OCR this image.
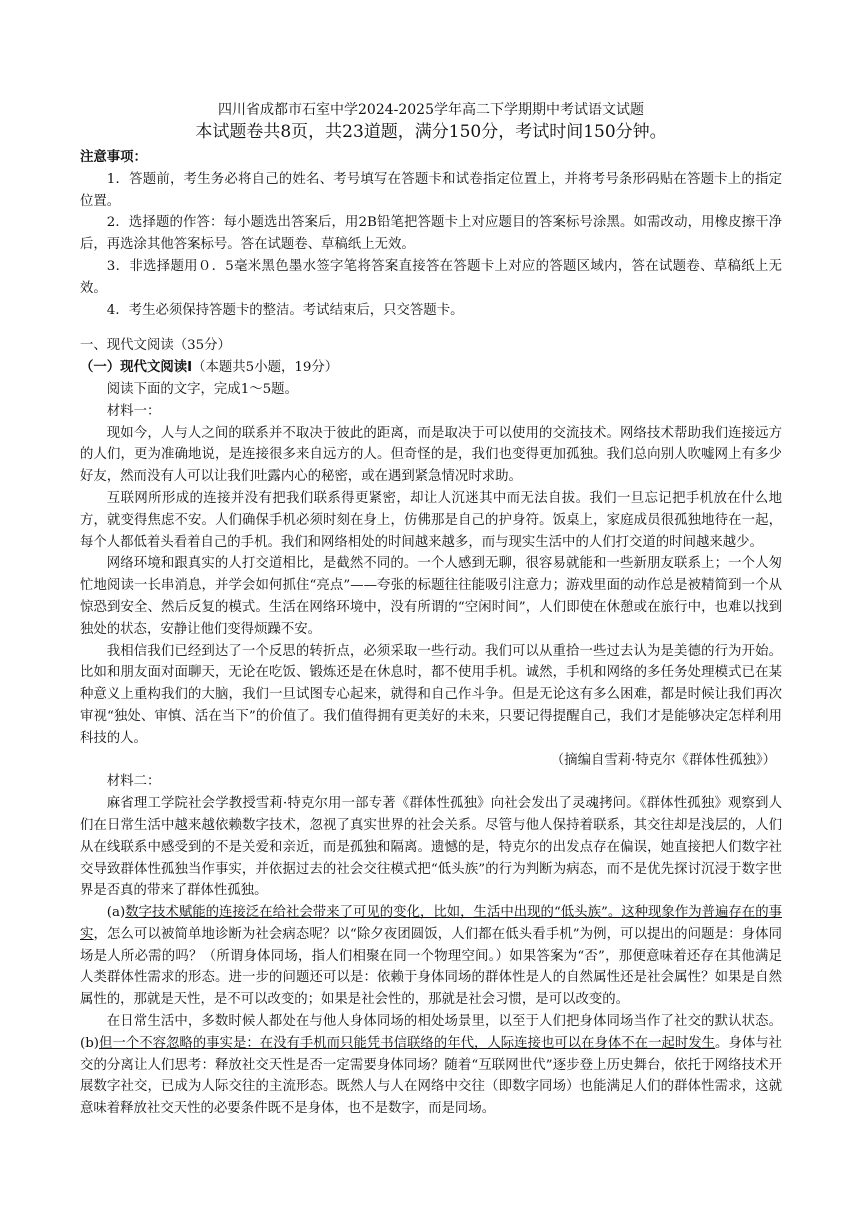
四川省成都市石室中学2024-2025学年高二下学期期中考试语文试题

本试题卷共8页，共23道题，满分150分，考试时间150分钟。

注意事项：

1．答题前，考生务必将自己的姓名、考号填写在答题卡和试卷指定位置上，并将考号条形码贴在答题卡上的指定位置。

2．选择题的作答：每小题选出答案后，用2B铅笔把答题卡上对应题目的答案标号涂黑。如需改动，用橡皮擦干净后，再选涂其他答案标号。答在试题卷、草稿纸上无效。

3．非选择题用０．5毫米黑色墨水签字笔将答案直接答在答题卡上对应的答题区域内，答在试题卷、草稿纸上无效。

4．考生必须保持答题卡的整洁。考试结束后，只交答题卡。

一、现代文阅读（35分）

（一）现代文阅读Ⅰ（本题共5小题，19分）

阅读下面的文字，完成1～5题。

材料一：

现如今，人与人之间的联系并不取决于彼此的距离，而是取决于可以使用的交流技术。网络技术帮助我们连接远方的人们，更为准确地说，是连接很多来自远方的人。但奇怪的是，我们也变得更加孤独。我们总向别人吹嘘网上有多少好友，然而没有人可以让我们吐露内心的秘密，或在遇到紧急情况时求助。

互联网所形成的连接并没有把我们联系得更紧密，却让人沉迷其中而无法自拔。我们一旦忘记把手机放在什么地方，就变得焦虑不安。人们确保手机必须时刻在身上，仿佛那是自己的护身符。饭桌上，家庭成员很孤独地待在一起，每个人都低着头看着自己的手机。我们和网络相处的时间越来越多，而与现实生活中的人们打交道的时间越来越少。

网络环境和跟真实的人打交道相比，是截然不同的。一个人感到无聊，很容易就能和一些新朋友联系上；一个人匆忙地阅读一长串消息，并学会如何抓住“亮点”——夸张的标题往往能吸引注意力；游戏里面的动作总是被精简到一个从惊恐到安全、然后反复的模式。生活在网络环境中，没有所谓的“空闲时间”，人们即使在休憩或在旅行中，也难以找到独处的状态，安静让他们变得烦躁不安。

我相信我们已经到达了一个反思的转折点，必须采取一些行动。我们可以从重拾一些过去认为是美德的行为开始。比如和朋友面对面聊天，无论在吃饭、锻炼还是在休息时，都不使用手机。诚然，手机和网络的多任务处理模式已在某种意义上重构我们的大脑，我们一旦试图专心起来，就得和自己作斗争。但是无论这有多么困难，都是时候让我们再次审视“独处、审慎、活在当下”的价值了。我们值得拥有更美好的未来，只要记得提醒自己，我们才是能够决定怎样利用科技的人。

（摘编自雪莉·特克尔《群体性孤独》）

材料二：

麻省理工学院社会学教授雪莉·特克尔用一部专著《群体性孤独》向社会发出了灵魂拷问。《群体性孤独》观察到人们在日常生活中越来越依赖数字技术，忽视了真实世界的社会关系。尽管与他人保持着联系，其交往却是浅层的，人们从在线联系中感受到的不是关爱和亲近，而是孤独和隔离。遗憾的是，特克尔的出发点存在偏误，她直接把人们数字社交导致群体性孤独当作事实，并依据过去的社会交往模式把“低头族”的行为判断为病态，而不是优先探讨沉浸于数字世界是否真的带来了群体性孤独。

(a)数字技术赋能的连接泛在给社会带来了可见的变化，比如，生活中出现的“低头族”。这种现象作为普遍存在的事实，怎么可以被简单地诊断为社会病态呢？以“除夕夜团圆饭，人们都在低头看手机”为例，可以提出的问题是：身体同场是人所必需的吗？（所谓身体同场，指人们相聚在同一个物理空间。）如果答案为“否”，那便意味着还存在其他满足人类群体性需求的形态。进一步的问题还可以是：依赖于身体同场的群体性是人的自然属性还是社会属性？如果是自然属性的，那就是天性，是不可以改变的；如果是社会性的，那就是社会习惯，是可以改变的。

在日常生活中，多数时候人都处在与他人身体同场的相处场景里，以至于人们把身体同场当作了社交的默认状态。(b)但一个不容忽略的事实是：在没有手机而只能凭书信联络的年代，人际连接也可以在身体不在一起时发生。身体与社交的分离让人们思考：释放社交天性是否一定需要身体同场？随着“互联网世代”逐步登上历史舞台，依托于网络技术开展数字社交，已成为人际交往的主流形态。既然人与人在网络中交往（即数字同场）也能满足人们的群体性需求，这就意味着释放社交天性的必要条件既不是身体，也不是数字，而是同场。
